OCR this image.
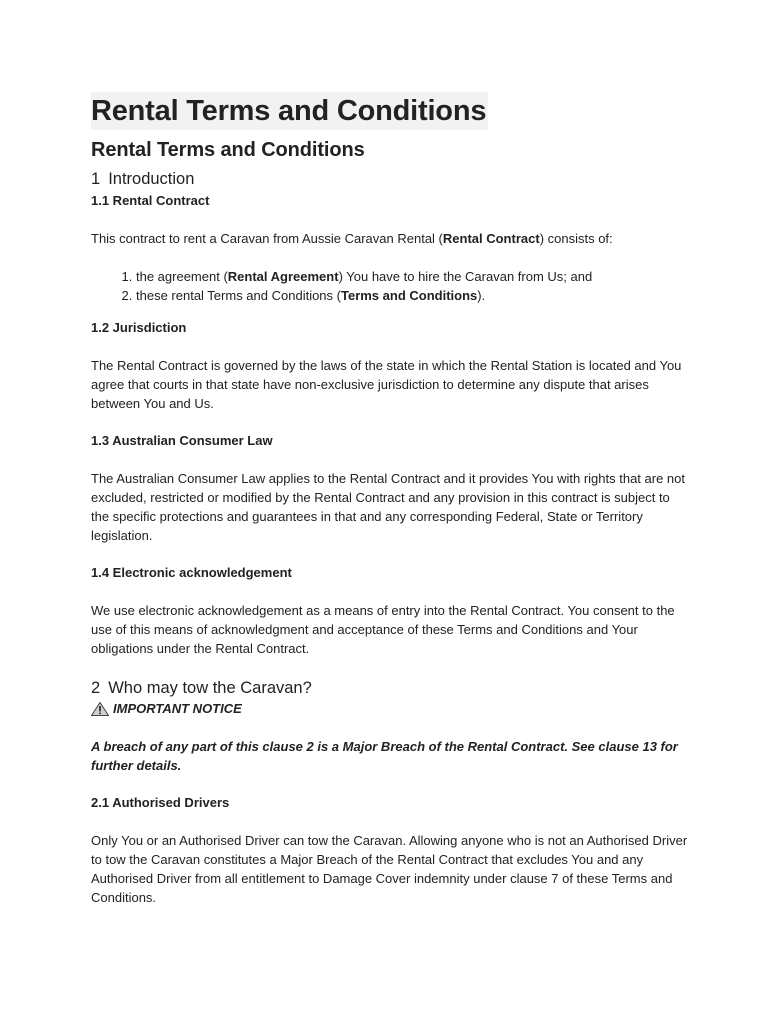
Rental Terms and Conditions
Rental Terms and Conditions
1 Introduction
1.1 Rental Contract

This contract to rent a Caravan from Aussie Caravan Rental (Rental Contract) consists of:

1. the agreement (Rental Agreement) You have to hire the Caravan from Us; and
2. these rental Terms and Conditions (Terms and Conditions).
1.2 Jurisdiction

The Rental Contract is governed by the laws of the state in which the Rental Station is located and You agree that courts in that state have non-exclusive jurisdiction to determine any dispute that arises between You and Us.

1.3 Australian Consumer Law

The Australian Consumer Law applies to the Rental Contract and it provides You with rights that are not excluded, restricted or modified by the Rental Contract and any provision in this contract is subject to the specific protections and guarantees in that and any corresponding Federal, State or Territory legislation.

1.4 Electronic acknowledgement

We use electronic acknowledgement as a means of entry into the Rental Contract. You consent to the use of this means of acknowledgment and acceptance of these Terms and Conditions and Your obligations under the Rental Contract.

2 Who may tow the Caravan?
IMPORTANT NOTICE

A breach of any part of this clause 2 is a Major Breach of the Rental Contract. See clause 13 for further details.

2.1 Authorised Drivers

Only You or an Authorised Driver can tow the Caravan. Allowing anyone who is not an Authorised Driver to tow the Caravan constitutes a Major Breach of the Rental Contract that excludes You and any Authorised Driver from all entitlement to Damage Cover indemnity under clause 7 of these Terms and Conditions.
